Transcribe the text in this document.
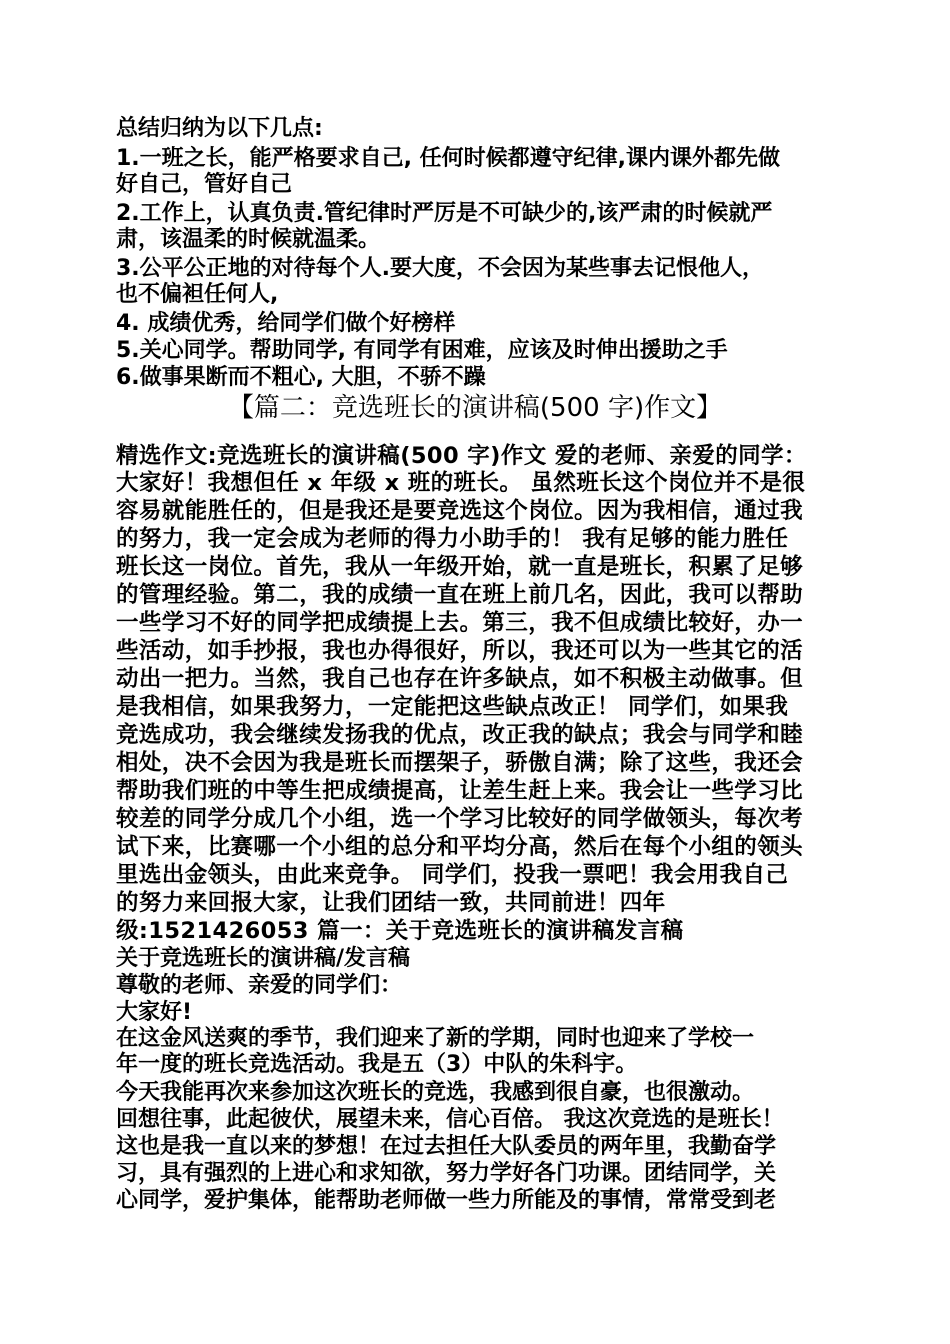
总结归纳为以下几点:
1.一班之长，能严格要求自己, 任何时候都遵守纪律,课内课外都先做
好自己，管好自己
2.工作上，认真负责.管纪律时严厉是不可缺少的,该严肃的时候就严
肃，该温柔的时候就温柔。
3.公平公正地的对待每个人.要大度，不会因为某些事去记恨他人，
也不偏袒任何人,
4. 成绩优秀，给同学们做个好榜样
5.关心同学。帮助同学, 有同学有困难，应该及时伸出援助之手
6.做事果断而不粗心, 大胆，不骄不躁
【篇二：竞选班长的演讲稿(500 字)作文】
精选作文:竞选班长的演讲稿(500 字)作文 爱的老师、亲爱的同学：
大家好！我想但任 x 年级 x 班的班长。 虽然班长这个岗位并不是很
容易就能胜任的，但是我还是要竞选这个岗位。因为我相信，通过我
的努力，我一定会成为老师的得力小助手的！ 我有足够的能力胜任
班长这一岗位。首先，我从一年级开始，就一直是班长，积累了足够
的管理经验。第二，我的成绩一直在班上前几名，因此，我可以帮助
一些学习不好的同学把成绩提上去。第三，我不但成绩比较好，办一
些活动，如手抄报，我也办得很好，所以，我还可以为一些其它的活
动出一把力。当然，我自己也存在许多缺点，如不积极主动做事。但
是我相信，如果我努力，一定能把这些缺点改正！ 同学们，如果我
竞选成功，我会继续发扬我的优点，改正我的缺点；我会与同学和睦
相处，决不会因为我是班长而摆架子，骄傲自满；除了这些，我还会
帮助我们班的中等生把成绩提高，让差生赶上来。我会让一些学习比
较差的同学分成几个小组，选一个学习比较好的同学做领头，每次考
试下来，比赛哪一个小组的总分和平均分高，然后在每个小组的领头
里选出金领头，由此来竞争。 同学们，投我一票吧！我会用我自己
的努力来回报大家，让我们团结一致，共同前进！四年
级:1521426053 篇一：关于竞选班长的演讲稿发言稿
关于竞选班长的演讲稿/发言稿
尊敬的老师、亲爱的同学们：
大家好!
在这金风送爽的季节，我们迎来了新的学期，同时也迎来了学校一
年一度的班长竞选活动。我是五（3）中队的朱科宇。
今天我能再次来参加这次班长的竞选，我感到很自豪，也很激动。
回想往事，此起彼伏，展望未来，信心百倍。 我这次竞选的是班长！
这也是我一直以来的梦想！在过去担任大队委员的两年里，我勤奋学
习，具有强烈的上进心和求知欲，努力学好各门功课。团结同学，关
心同学，爱护集体，能帮助老师做一些力所能及的事情，常常受到老
